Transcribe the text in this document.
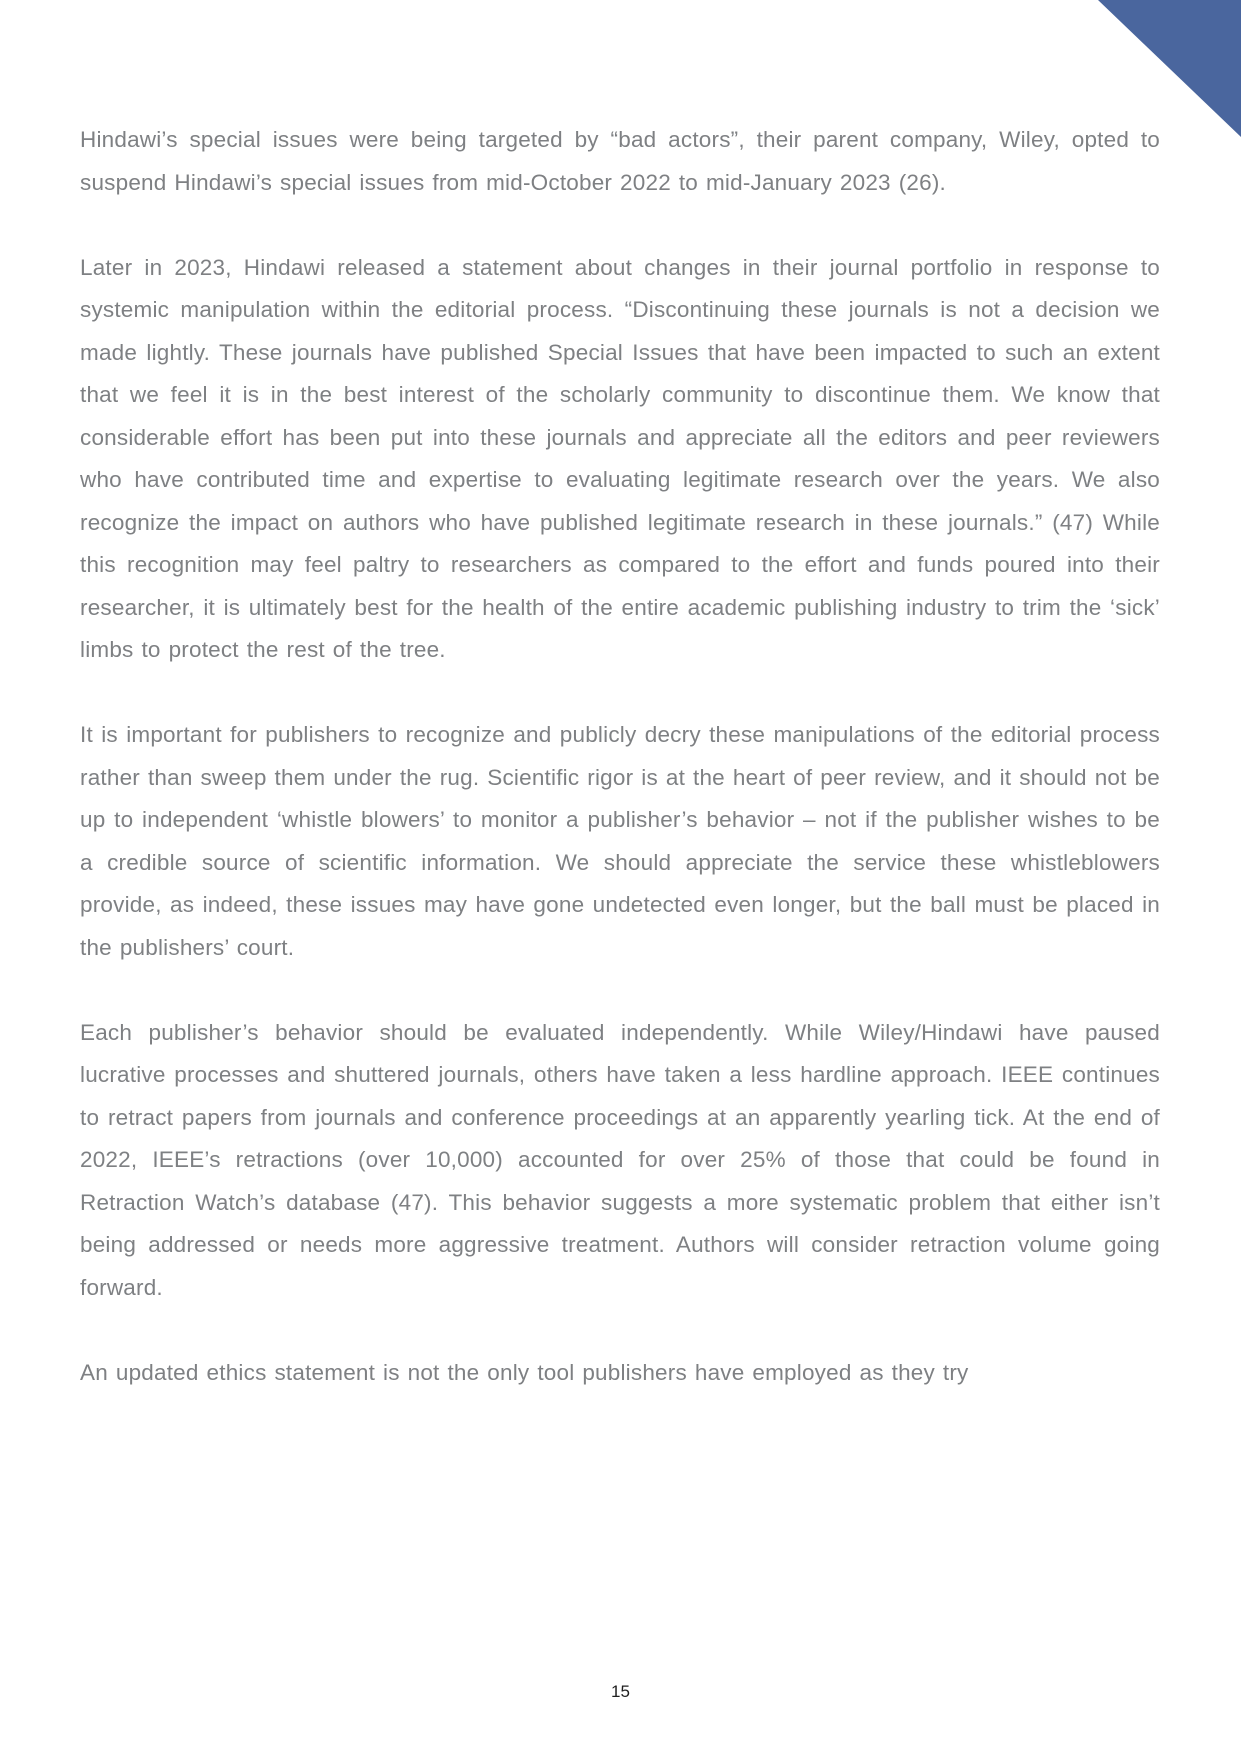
Hindawi’s special issues were being targeted by “bad actors”, their parent company, Wiley, opted to suspend Hindawi’s special issues from mid-October 2022 to mid-January 2023 (26).

Later in 2023, Hindawi released a statement about changes in their journal portfolio in response to systemic manipulation within the editorial process. “Discontinuing these journals is not a decision we made lightly. These journals have published Special Issues that have been impacted to such an extent that we feel it is in the best interest of the scholarly community to discontinue them. We know that considerable effort has been put into these journals and appreciate all the editors and peer reviewers who have contributed time and expertise to evaluating legitimate research over the years. We also recognize the impact on authors who have published legitimate research in these journals.” (47) While this recognition may feel paltry to researchers as compared to the effort and funds poured into their researcher, it is ultimately best for the health of the entire academic publishing industry to trim the ‘sick’ limbs to protect the rest of the tree.

It is important for publishers to recognize and publicly decry these manipulations of the editorial process rather than sweep them under the rug. Scientific rigor is at the heart of peer review, and it should not be up to independent ‘whistle blowers’ to monitor a publisher’s behavior – not if the publisher wishes to be a credible source of scientific information. We should appreciate the service these whistleblowers provide, as indeed, these issues may have gone undetected even longer, but the ball must be placed in the publishers’ court.

Each publisher’s behavior should be evaluated independently. While Wiley/Hindawi have paused lucrative processes and shuttered journals, others have taken a less hardline approach. IEEE continues to retract papers from journals and conference proceedings at an apparently yearling tick. At the end of 2022, IEEE’s retractions (over 10,000) accounted for over 25% of those that could be found in Retraction Watch’s database (47). This behavior suggests a more systematic problem that either isn’t being addressed or needs more aggressive treatment. Authors will consider retraction volume going forward.

An updated ethics statement is not the only tool publishers have employed as they try

15
